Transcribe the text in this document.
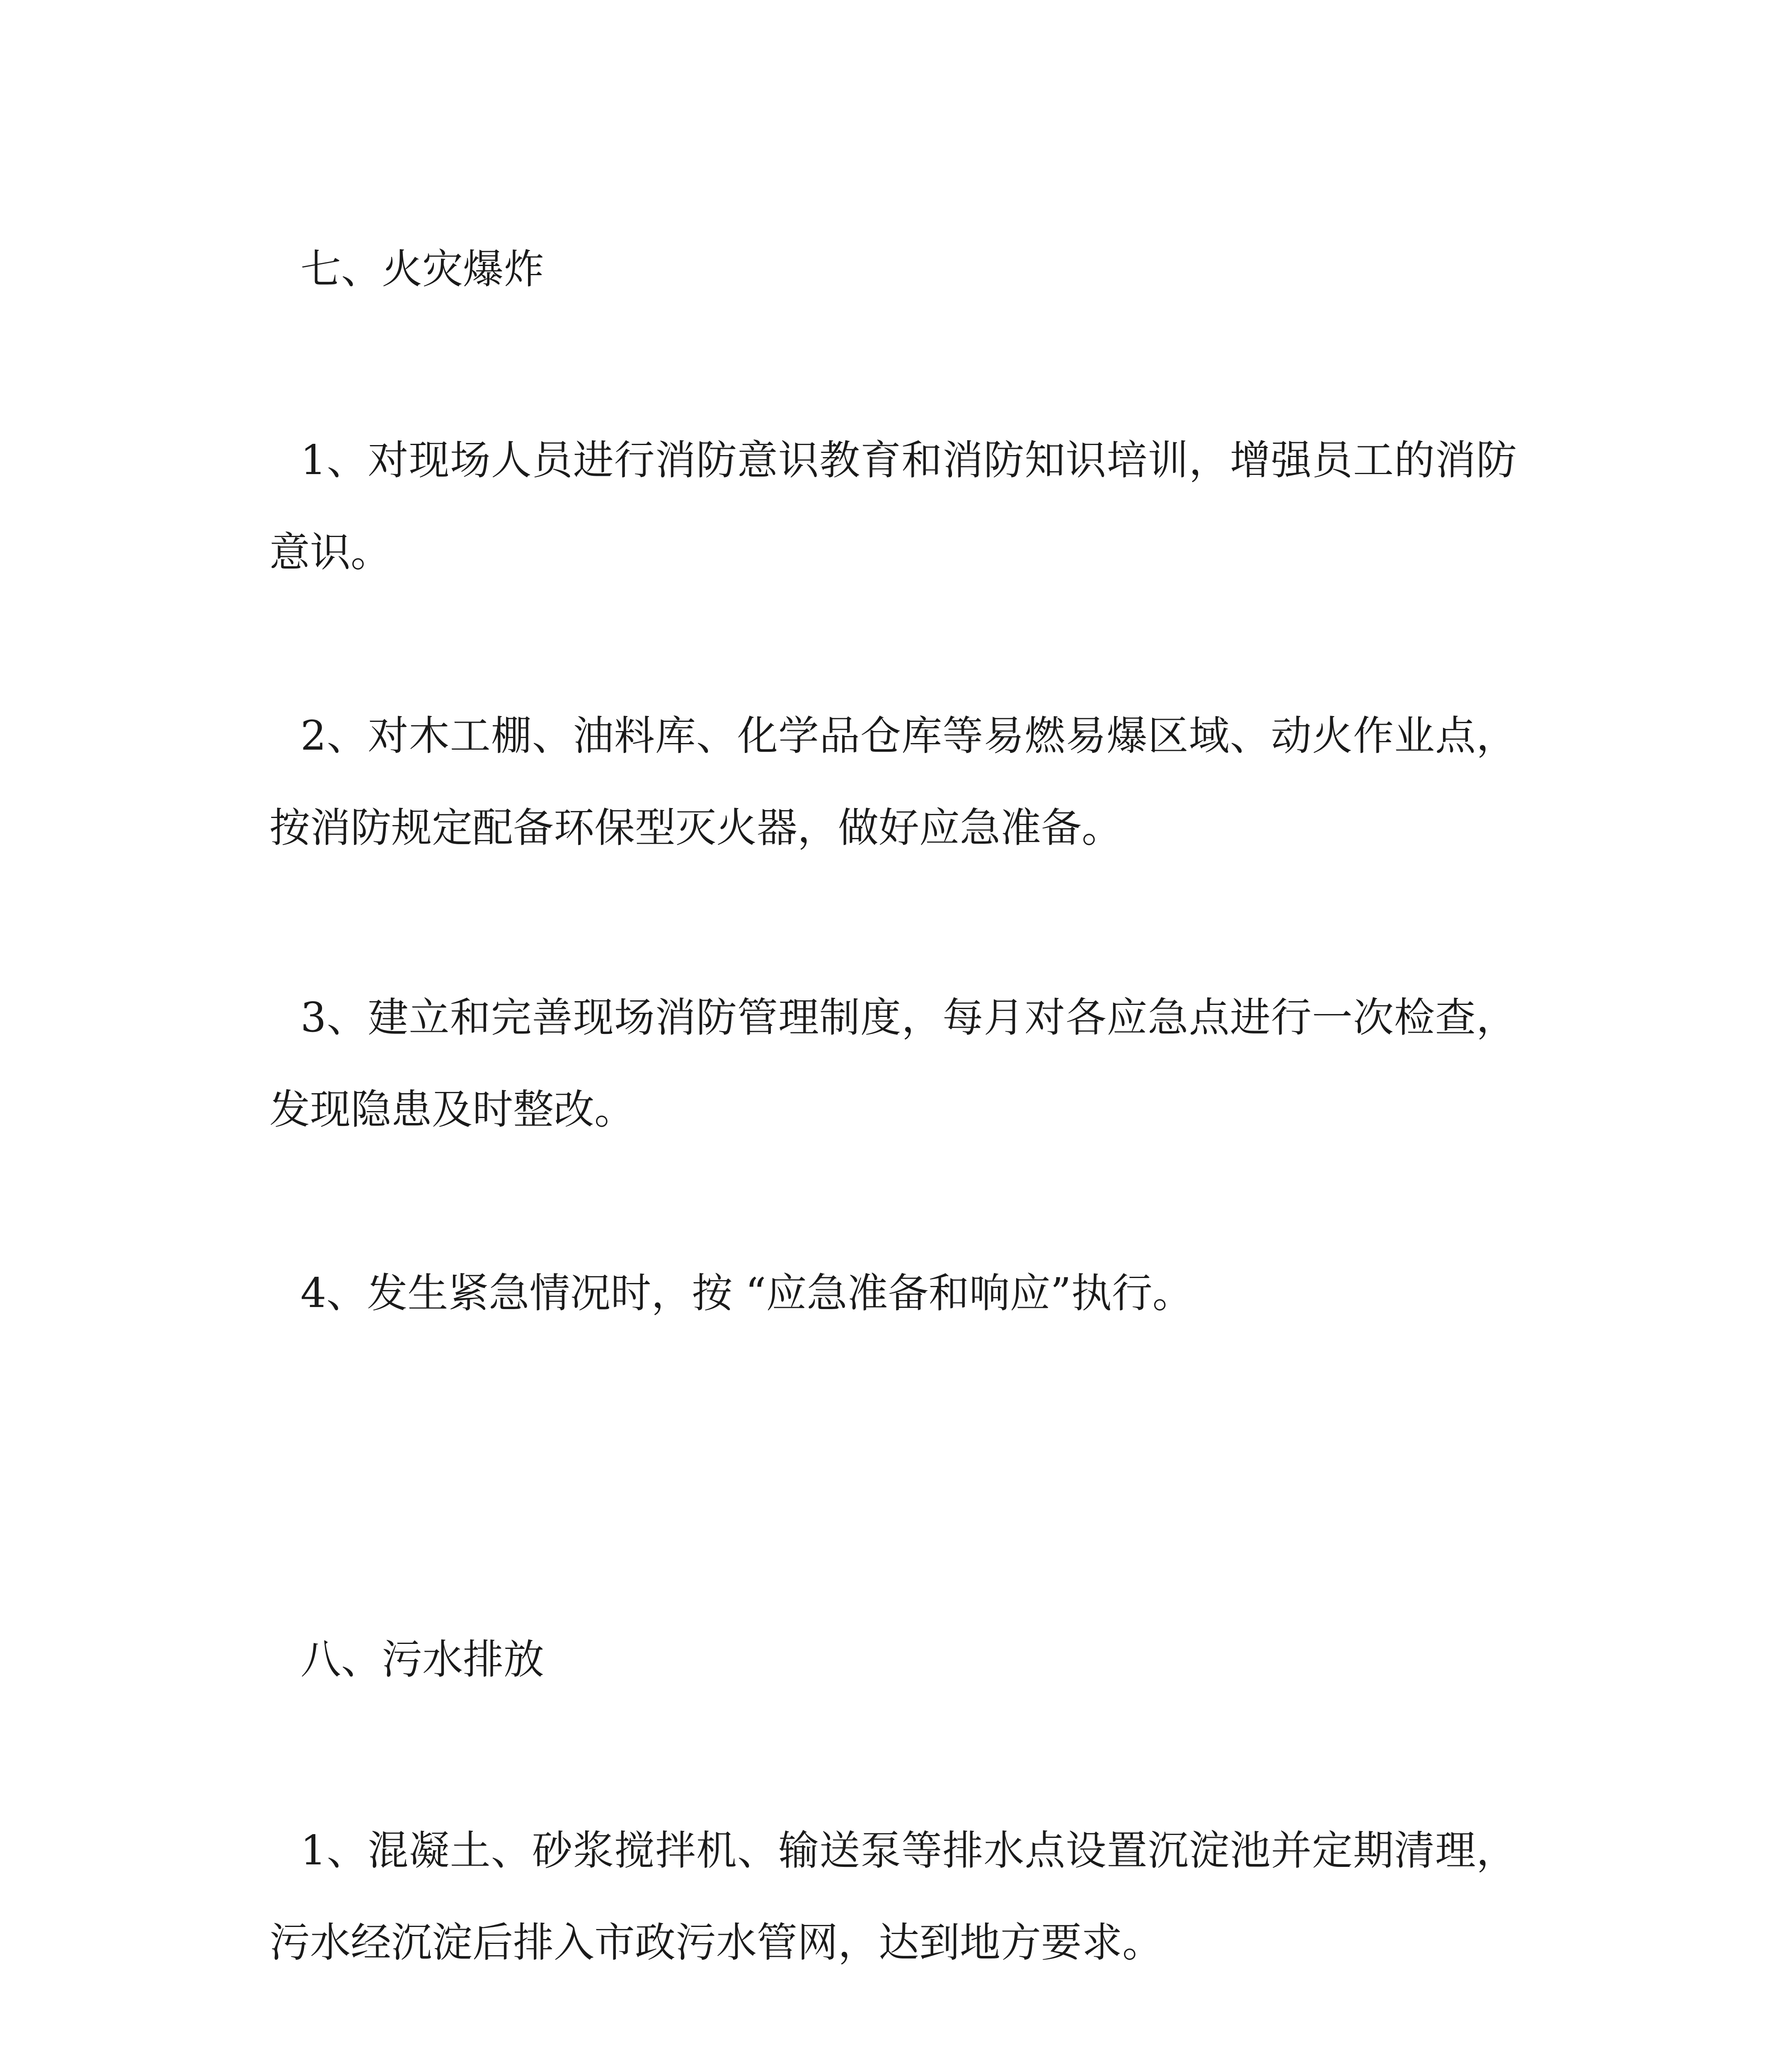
七、火灾爆炸

1、对现场人员进行消防意识教育和消防知识培训，增强员工的消防意识。

2、对木工棚、油料库、化学品仓库等易燃易爆区域、动火作业点，按消防规定配备环保型灭火器，做好应急准备。

3、建立和完善现场消防管理制度，每月对各应急点进行一次检查，发现隐患及时整改。

4、发生紧急情况时，按 “应急准备和响应”执行。

八、污水排放

1、混凝土、砂浆搅拌机、输送泵等排水点设置沉淀池并定期清理，污水经沉淀后排入市政污水管网，达到地方要求。
